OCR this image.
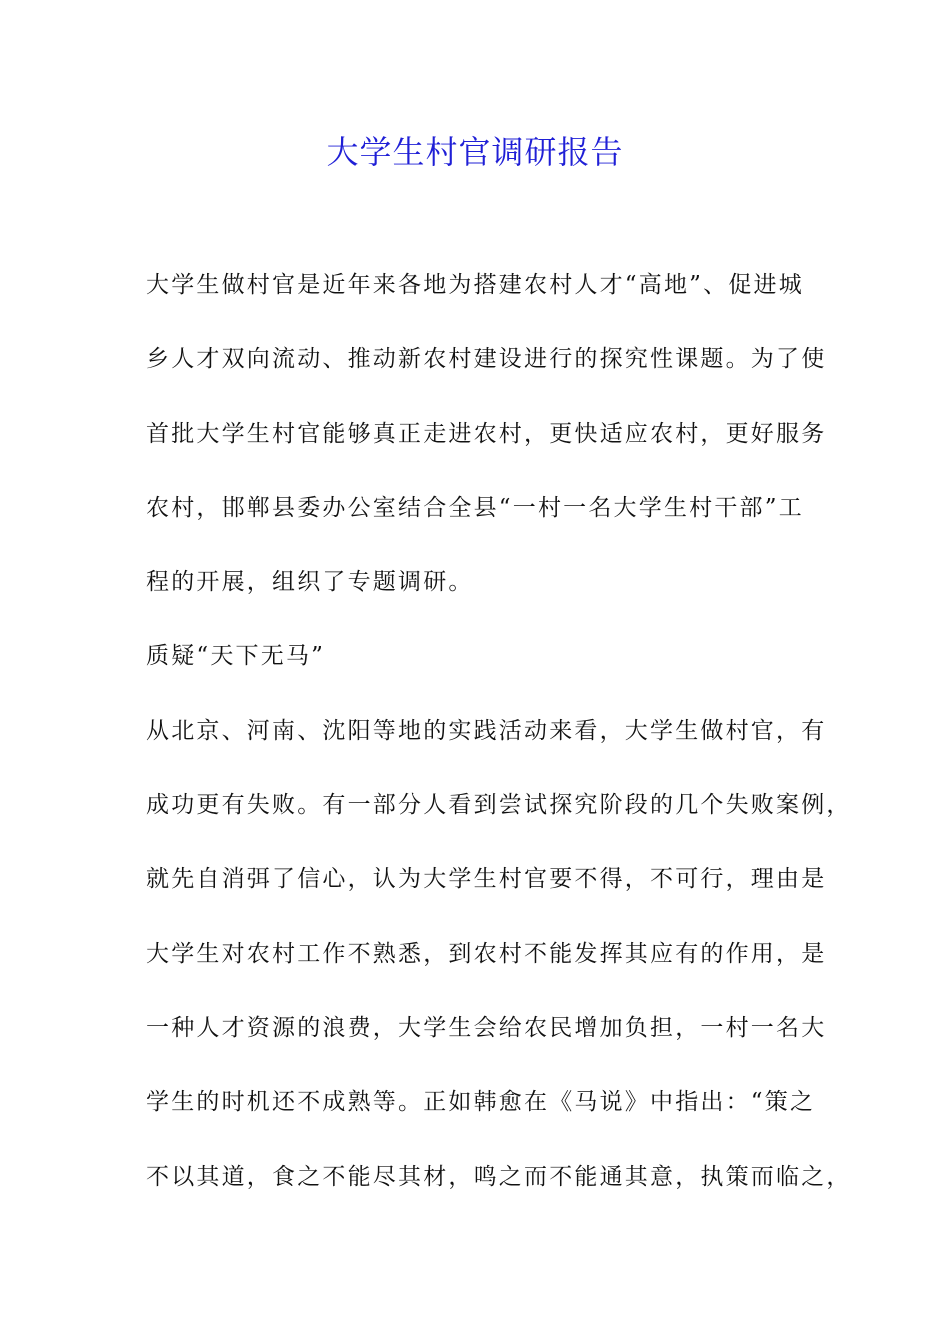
大学生村官调研报告
大学生做村官是近年来各地为搭建农村人才“高地”、促进城
乡人才双向流动、推动新农村建设进行的探究性课题。为了使
首批大学生村官能够真正走进农村，更快适应农村，更好服务
农村，邯郸县委办公室结合全县“一村一名大学生村干部”工
程的开展，组织了专题调研。
质疑“天下无马”
从北京、河南、沈阳等地的实践活动来看，大学生做村官，有
成功更有失败。有一部分人看到尝试探究阶段的几个失败案例，
就先自消弭了信心，认为大学生村官要不得，不可行，理由是
大学生对农村工作不熟悉，到农村不能发挥其应有的作用，是
一种人才资源的浪费，大学生会给农民增加负担，一村一名大
学生的时机还不成熟等。正如韩愈在《马说》中指出：“策之
不以其道，食之不能尽其材，鸣之而不能通其意，执策而临之，
